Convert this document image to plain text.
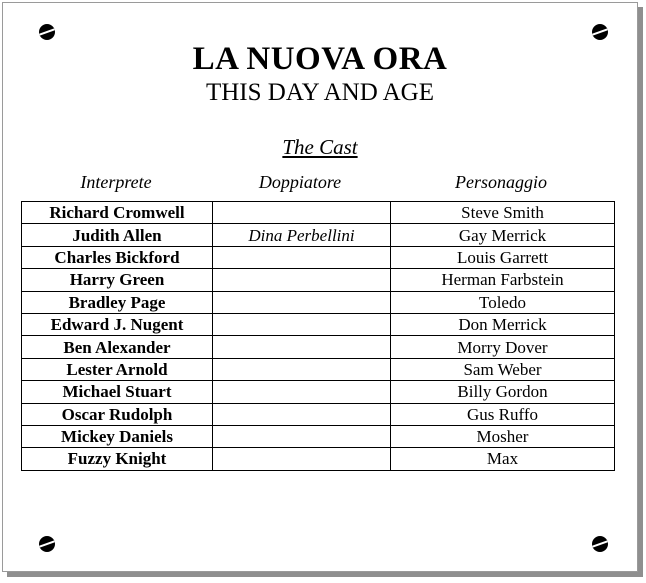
LA NUOVA ORA
THIS DAY AND AGE
The Cast
Interprete	Doppiatore	Personaggio
Richard Cromwell		Steve Smith
Judith Allen	Dina Perbellini	Gay Merrick
Charles Bickford		Louis Garrett
Harry Green		Herman Farbstein
Bradley Page		Toledo
Edward J. Nugent		Don Merrick
Ben Alexander		Morry Dover
Lester Arnold		Sam Weber
Michael Stuart		Billy Gordon
Oscar Rudolph		Gus Ruffo
Mickey Daniels		Mosher
Fuzzy Knight		Max
